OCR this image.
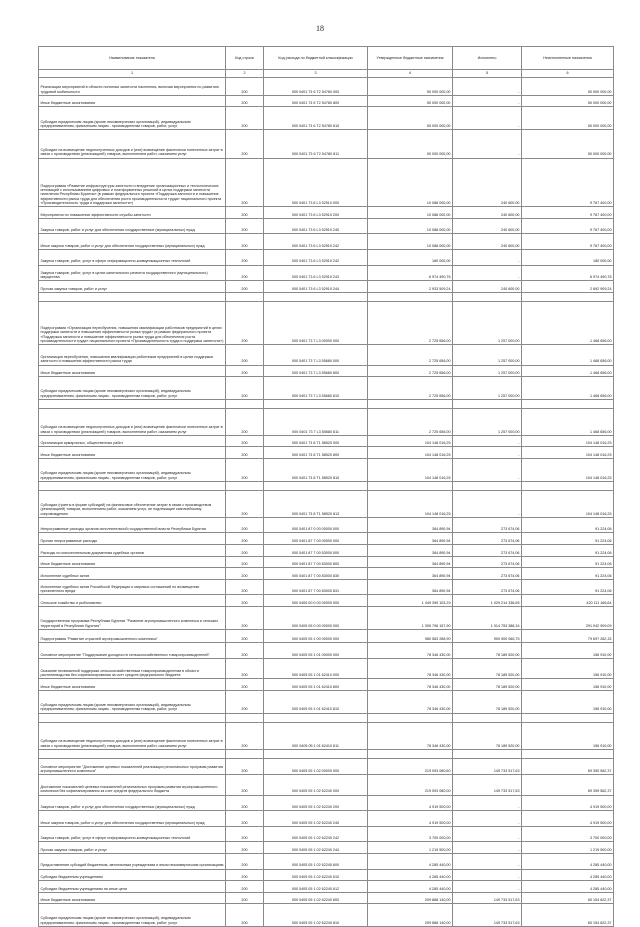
18
Наименование показателя	Код строки	Код расхода по бюджетной классификации	Утвержденные бюджетные назначения	Исполнено	Неисполненные назначения
1	2	3	4	5	6
Реализация мероприятий в области политики занятости населения, включая мероприятия по развитию трудовой мобильности	200	000 0401 73 6 Т2 54780 000	50 000 000,00	-	50 000 000,00
Иные бюджетные ассигнования	200	000 0401 73 6 Т2 54780 800	50 000 000,00	-	50 000 000,00
Субсидии юридическим лицам (кроме некоммерческих организаций), индивидуальным предпринимателям, физическим лицам - производителям товаров, работ, услуг	200	000 0401 73 6 Т2 54780 810	50 000 000,00	-	50 000 000,00
Субсидии на возмещение недополученных доходов и (или) возмещение фактически понесенных затрат в связи с производством (реализацией) товаров, выполнением работ, оказанием услуг	200	000 0401 73 6 Т2 54780 811	50 000 000,00	-	50 000 000,00
Подпрограмма «Развитие инфраструктуры занятости и внедрение организационных и технологических инноваций с использованием цифровых и платформенных решений в целях поддержки занятости населения Республики Бурятия» (в рамках федерального проекта «Поддержка занятости и повышение эффективности рынка труда для обеспечения роста производительности труда» национального проекта «Производительность труда и поддержка занятости»)	200	000 0401 73 6 L3 52910 000	10 088 000,00	240 600,00	9 767 400,00
Мероприятия по повышению эффективности службы занятости	200	000 0401 73 6 L3 52910 200	10 088 000,00	240 600,00	9 767 400,00
Закупка товаров, работ и услуг для обеспечения государственных (муниципальных) нужд	200	000 0401 73 6 L3 52910 240	10 088 000,00	240 600,00	9 767 400,00
Иные закупки товаров, работ и услуг для обеспечения государственных (муниципальных) нужд	200	000 0401 73 6 L3 52910 242	10 088 000,00	240 600,00	9 767 400,00
Закупка товаров, работ, услуг в сфере информационно-коммуникационных технологий	200	000 0401 73 6 L3 52910 242	180 000,00	-	180 000,00
Закупка товаров, работ, услуг в целях капитального ремонта государственного (муниципального) имущества	200	000 0401 73 6 L3 52910 243	6 974 490,76	-	6 974 490,76
Прочая закупка товаров, работ и услуг	200	000 0401 73 6 L3 52910 244	2 933 509,24	240 600,00	2 692 909,24

Подпрограмма «Организация переобучения, повышения квалификации работников предприятий в целях поддержки занятости и повышения эффективности рынка труда» (в рамках федерального проекта «Поддержка занятости и повышение эффективности рынка труда для обеспечения роста производительности труда» национального проекта «Производительность труда и поддержка занятости»)	200	000 0401 73 7 L3 00000 000	2 725 656,00	1 257 000,00	1 468 656,00
Организация переобучения, повышения квалификации работников предприятий в целях поддержки занятости и повышения эффективности рынка труда	200	000 0401 73 7 L3 55680 000	2 725 656,00	1 257 000,00	1 468 656,00
Иные бюджетные ассигнования	200	000 0401 73 7 L3 55680 800	2 725 656,00	1 257 000,00	1 468 656,00
Субсидии юридическим лицам (кроме некоммерческих организаций), индивидуальным предпринимателям, физическим лицам - производителям товаров, работ, услуг	200	000 0401 73 7 L3 55680 810	2 725 656,00	1 257 000,00	1 468 656,00

Субсидии на возмещение недополученных доходов и (или) возмещение фактически понесенных затрат в связи с производством (реализацией) товаров, выполнением работ, оказанием услуг	200	000 0401 73 7 L3 55680 811	2 725 656,00	1 257 000,00	1 468 656,00
Организация ярмарочных, общественных работ	200	000 0401 73 8 Т1 58520 000	104 148 016,25	-	104 148 016,25
Иные бюджетные ассигнования	200	000 0401 73 8 Т1 58520 800	104 148 016,25	-	104 148 016,25
Субсидии юридическим лицам (кроме некоммерческих организаций), индивидуальным предпринимателям, физическим лицам - производителям товаров, работ, услуг	200	000 0401 73 8 Т1 58520 810	104 148 016,25	-	104 148 016,25

Субсидии (гранты в форме субсидий) на финансовое обеспечение затрат в связи с производством (реализацией) товаров, выполнением работ, оказанием услуг, не подлежащие казначейскому сопровождению	200	000 0401 73 8 Т1 58520 813	104 148 016,25	-	104 148 016,25
Непрограммные расходы органов исполнительной государственной власти Республики Бурятия	200	000 0401 87 0 00 00000 000	364 890,94	273 674,06	91 224,06
Прочие непрограммные расходы	200	000 0401 87 7 00 00000 000	364 890,94	273 674,06	91 224,06
Расходы по исполнительным документам судебных органов	200	000 0401 87 7 00 53000 000	364 890,94	273 674,06	91 224,06
Иные бюджетные ассигнования	200	000 0401 87 7 00 83000 800	364 890,94	273 674,06	91 224,06
Исполнение судебных актов	200	000 0401 87 7 00 83000 830	364 890,94	273 674,06	91 224,06
Исполнение судебных актов Российской Федерации и мировых соглашений по возмещению причиненного вреда	200	000 0401 87 7 00 83000 831	364 890,94	273 674,06	91 224,06
Сельское хозяйство и рыболовство	200	000 0405 00 0 00 00000 000	1 449 399 103,29	1 029 214 336,65	420 111 166,64
Государственная программа Республики Бурятия "Развитие агропромышленного комплекса и сельских территорий в Республике Бурятия"	200	000 0405 05 0 00 00000 000	1 305 796 157,90	1 014 753 388,34	291 042 909,09
Подпрограмма "Развитие отраслей агропромышленного комплекса"	200	000 0405 05 1 00 00000 000	980 583 288,90	900 900 066,75	79 697 262,33
Основное мероприятие "Поддержание доходности сельскохозяйственных товаропроизводителей"	200	000 0405 05 1 01 00000 000	78 346 430,00	78 189 520,00	156 910,00
Оказание несвязанной поддержки сельскохозяйственным товаропроизводителям в области растениеводства без софинансирования за счет средств федерального бюджета	200	000 0405 05 1 01 62410 000	78 346 430,00	78 189 520,00	156 910,00
Иные бюджетные ассигнования	200	000 0405 05 1 01 62410 800	78 346 430,00	78 189 520,00	156 910,00
Субсидии юридическим лицам (кроме некоммерческих организаций), индивидуальным предпринимателям, физическим лицам - производителям товаров, работ, услуг	200	000 0405 05 1 01 62410 810	78 346 430,00	78 189 520,00	156 910,00

Субсидии на возмещение недополученных доходов и (или) возмещение фактически понесенных затрат в связи с производством (реализацией) товаров, выполнением работ, оказанием услуг	200	000 0405 05 1 01 62410 811	78 346 430,00	78 189 520,00	156 910,00

Основное мероприятие "Достижение целевых показателей реализации региональных программ развития агропромышленного комплекса"	200	000 0405 05 1 02 00000 000	219 093 080,60	149 733 517,63	69 350 562,37
Достижение показателей целевых показателей региональных программ развития агропромышленного комплекса без софинансирования за счет средств федерального бюджета	200	000 0405 05 1 02 62240 000	219 093 080,00	149 733 517,63	69 359 562,37
Закупка товаров, работ и услуг для обеспечения государственных (муниципальных) нужд	200	000 0405 05 1 02 62240 200	4 919 500,00	-	4 919 500,00
Иные закупки товаров, работ и услуг для обеспечения государственных (муниципальных) нужд	200	000 0405 05 1 02 62240 240	4 919 500,00	-	4 919 500,00
Закупка товаров, работ, услуг в сфере информационно-коммуникационных технологий	200	000 0405 05 1 02 62240 242	3 700 000,00	-	3 700 000,00
Прочая закупка товаров, работ и услуг	200	000 0405 05 1 02 62240 244	1 219 500,00	-	1 219 500,00
Предоставление субсидий бюджетным, автономным учреждениям и иным некоммерческим организациям	200	000 0405 05 1 02 62240 600	4 285 440,00	-	4 285 440,00
Субсидии бюджетным учреждениям	200	000 0405 05 1 02 62240 610	4 285 440,00	-	4 285 440,00
Субсидии бюджетным учреждениям на иные цели	200	000 0405 05 1 02 62240 612	4 285 440,00	-	4 285 440,00
Иные бюджетные ассигнования	200	000 0405 05 1 02 62240 800	209 888 140,00	149 733 517,63	60 154 622,37
Субсидии юридическим лицам (кроме некоммерческих организаций), индивидуальным предпринимателям, физическим лицам - производителям товаров, работ, услуг	200	000 0405 05 1 02 62240 810	209 888 140,00	149 733 517,63	60 154 622,37
